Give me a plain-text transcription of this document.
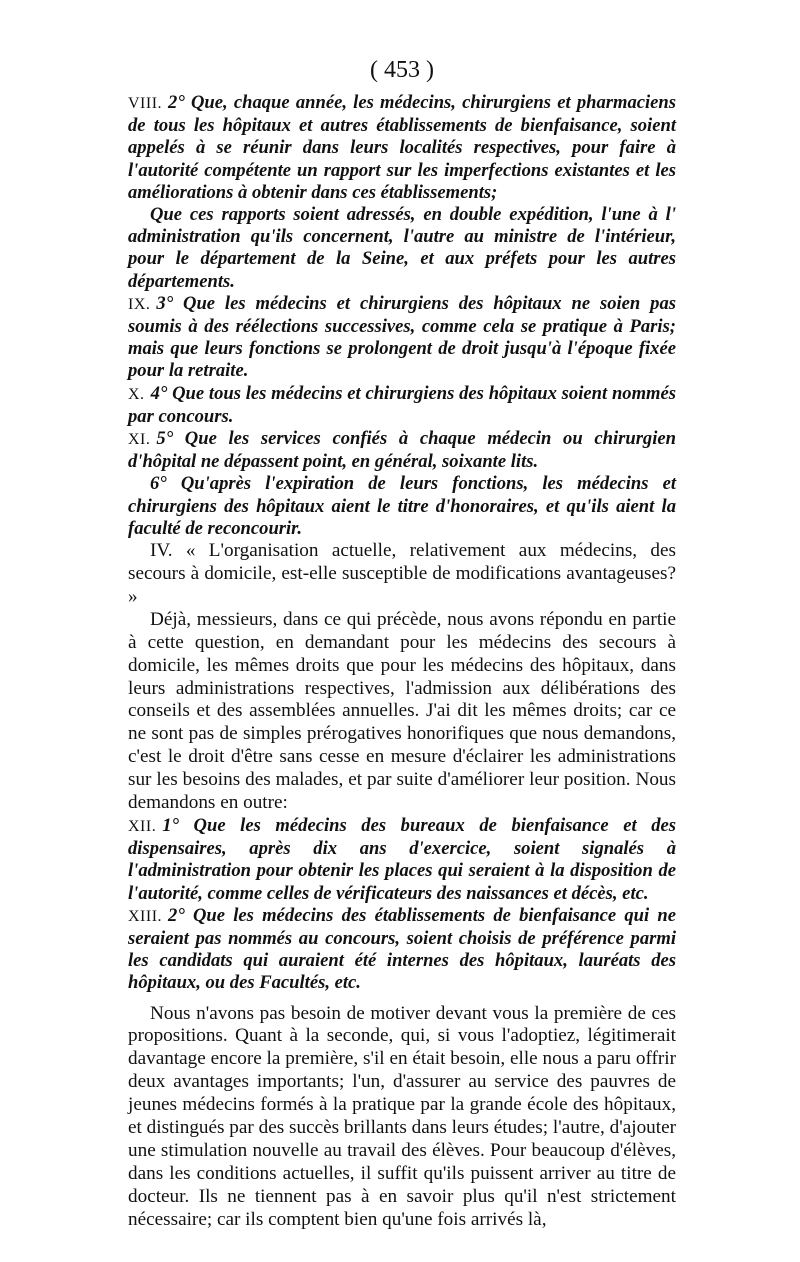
( 453 )

VIII. 2° Que, chaque année, les médecins, chirurgiens et pharmaciens de tous les hôpitaux et autres établissements de bienfaisance, soient appelés à se réunir dans leurs localités respectives, pour faire à l'autorité compétente un rapport sur les imperfections existantes et les améliorations à obtenir dans ces établissements;

Que ces rapports soient adressés, en double expédition, l'une à l' administration qu'ils concernent, l'autre au ministre de l'intérieur, pour le département de la Seine, et aux préfets pour les autres départements.

IX. 3° Que les médecins et chirurgiens des hôpitaux ne soien pas soumis à des réélections successives, comme cela se pratique à Paris; mais que leurs fonctions se prolongent de droit jusqu'à l'époque fixée pour la retraite.

X. 4° Que tous les médecins et chirurgiens des hôpitaux soient nommés par concours.

XI. 5° Que les services confiés à chaque médecin ou chirurgien d'hôpital ne dépassent point, en général, soixante lits.

6° Qu'après l'expiration de leurs fonctions, les médecins et chirurgiens des hôpitaux aient le titre d'honoraires, et qu'ils aient la faculté de reconcourir.

IV. « L'organisation actuelle, relativement aux médecins, des secours à domicile, est-elle susceptible de modifications avantageuses? »

Déjà, messieurs, dans ce qui précède, nous avons répondu en partie à cette question, en demandant pour les médecins des secours à domicile, les mêmes droits que pour les médecins des hôpitaux, dans leurs administrations respectives, l'admission aux délibérations des conseils et des assemblées annuelles. J'ai dit les mêmes droits; car ce ne sont pas de simples prérogatives honorifiques que nous demandons, c'est le droit d'être sans cesse en mesure d'éclairer les administrations sur les besoins des malades, et par suite d'améliorer leur position. Nous demandons en outre:

XII. 1° Que les médecins des bureaux de bienfaisance et des dispensaires, après dix ans d'exercice, soient signalés à l'administration pour obtenir les places qui seraient à la disposition de l'autorité, comme celles de vérificateurs des naissances et décès, etc.

XIII. 2° Que les médecins des établissements de bienfaisance qui ne seraient pas nommés au concours, soient choisis de préférence parmi les candidats qui auraient été internes des hôpitaux, lauréats des hôpitaux, ou des Facultés, etc.

Nous n'avons pas besoin de motiver devant vous la première de ces propositions. Quant à la seconde, qui, si vous l'adoptiez, légitimerait davantage encore la première, s'il en était besoin, elle nous a paru offrir deux avantages importants; l'un, d'assurer au service des pauvres de jeunes médecins formés à la pratique par la grande école des hôpitaux, et distingués par des succès brillants dans leurs études; l'autre, d'ajouter une stimulation nouvelle au travail des élèves. Pour beaucoup d'élèves, dans les conditions actuelles, il suffit qu'ils puissent arriver au titre de docteur. Ils ne tiennent pas à en savoir plus qu'il n'est strictement nécessaire; car ils comptent bien qu'une fois arrivés là,
